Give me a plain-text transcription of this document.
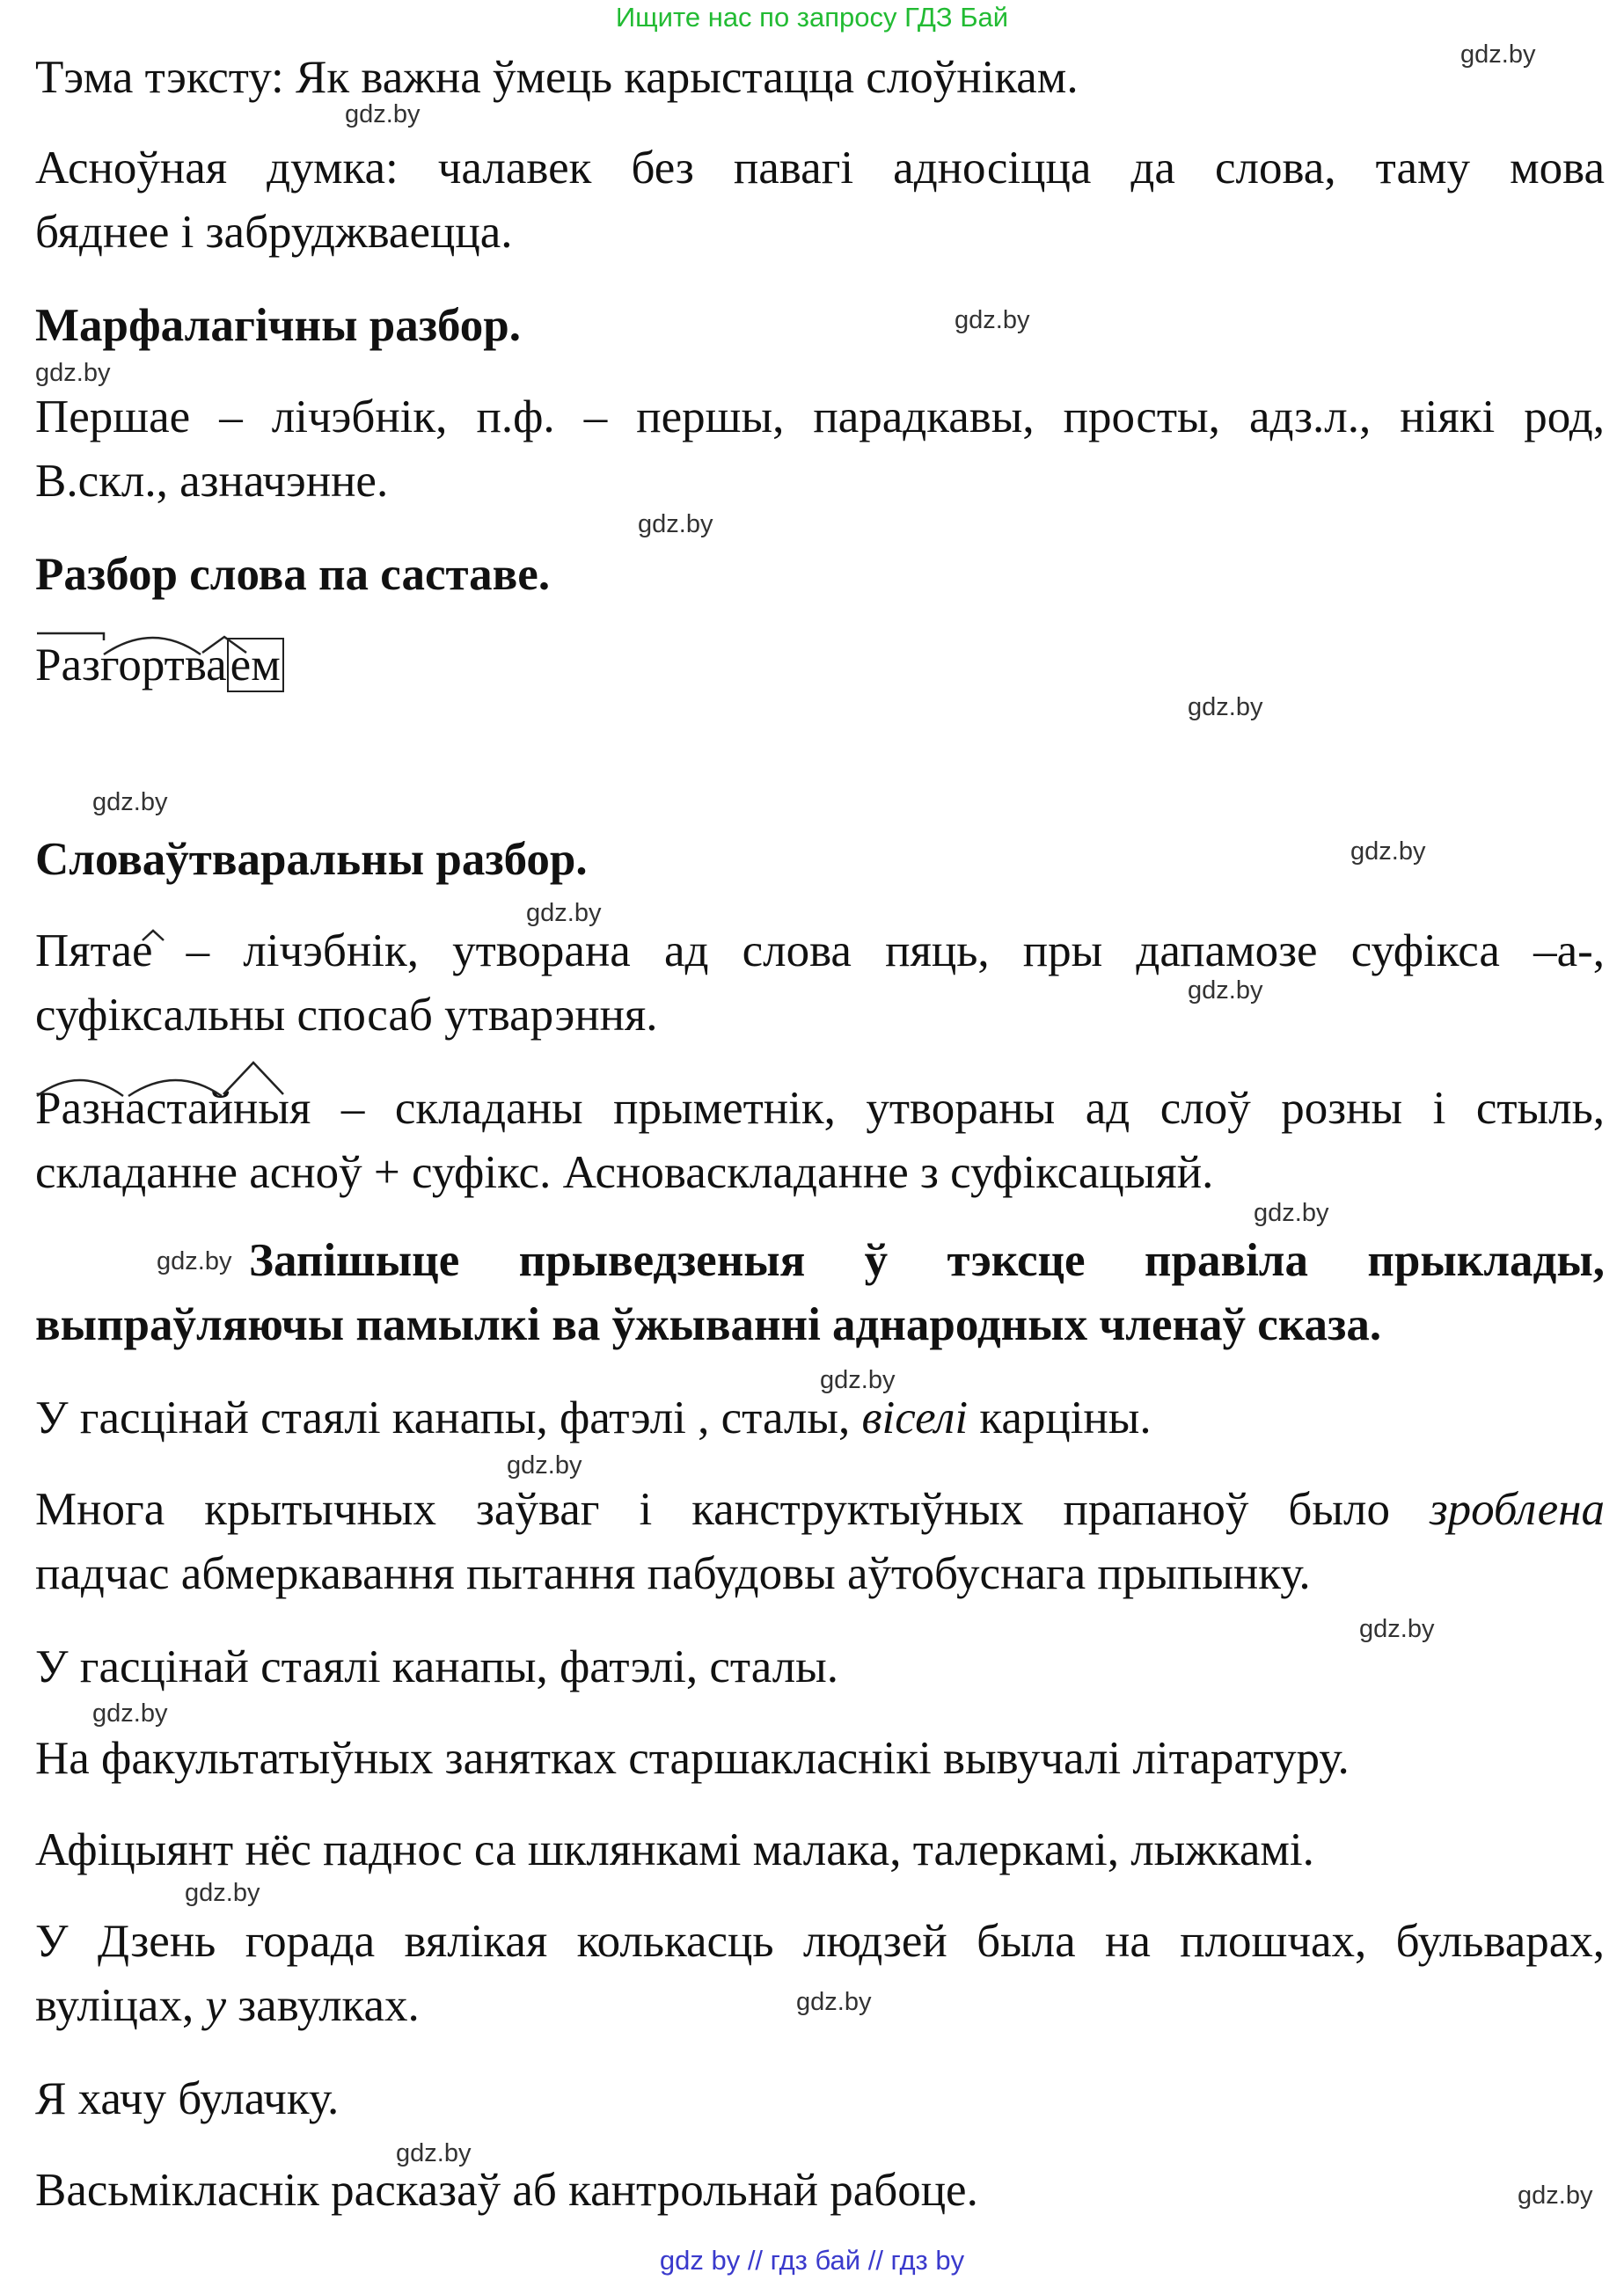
Ищите нас по запросу ГДЗ Бай

Тэма тэксту: Як важна ўмець карыстацца слоўнікам.

Асноўная думка: чалавек без павагі адносіцца да слова, таму мова

бяднее і забруджваецца.

Марфалагічны разбор.

Першае – лічэбнік, п.ф. – першы, парадкавы, просты, адз.л., ніякі род,

В.скл., азначэнне.

Разбор слова па саставе.

Разгортваем

Словаўтваральны разбор.

Пятае – лічэбнік, утворана ад слова пяць, пры дапамозе суфікса –а-,

суфіксальны спосаб утварэння.

Разнастайныя – складаны прыметнік, утвораны ад слоў розны і стыль,

складанне асноў + суфікс. Асноваскладанне з суфіксацыяй.

Запішыце прыведзеныя ў тэксце правіла прыклады,

выпраўляючы памылкі ва ўжыванні аднародных членаў сказа.

У гасцінай стаялі канапы, фатэлі , сталы, віселі карціны.

Многа крытычных заўваг і канструктыўных прапаноў было зроблена

падчас абмеркавання пытання пабудовы аўтобуснага прыпынку.

У гасцінай стаялі канапы, фатэлі, сталы.

На факультатыўных занятках старшакласнікі вывучалі літаратуру.

Афіцыянт нёс паднос са шклянкамі малака, талеркамі, лыжкамі.

У Дзень горада вялікая колькасць людзей была на плошчах, бульварах,

вуліцах, у завулках.

Я хачу булачку.

Васьмікласнік расказаў аб кантрольнай рабоце.

gdz.by
gdz.by
gdz.by
gdz.by
gdz.by
gdz.by
gdz.by
gdz.by
gdz.by
gdz.by
gdz.by
gdz.by
gdz.by
gdz.by
gdz.by
gdz.by
gdz.by
gdz.by
gdz.by
gdz.by
gdz by // гдз бай // гдз by
